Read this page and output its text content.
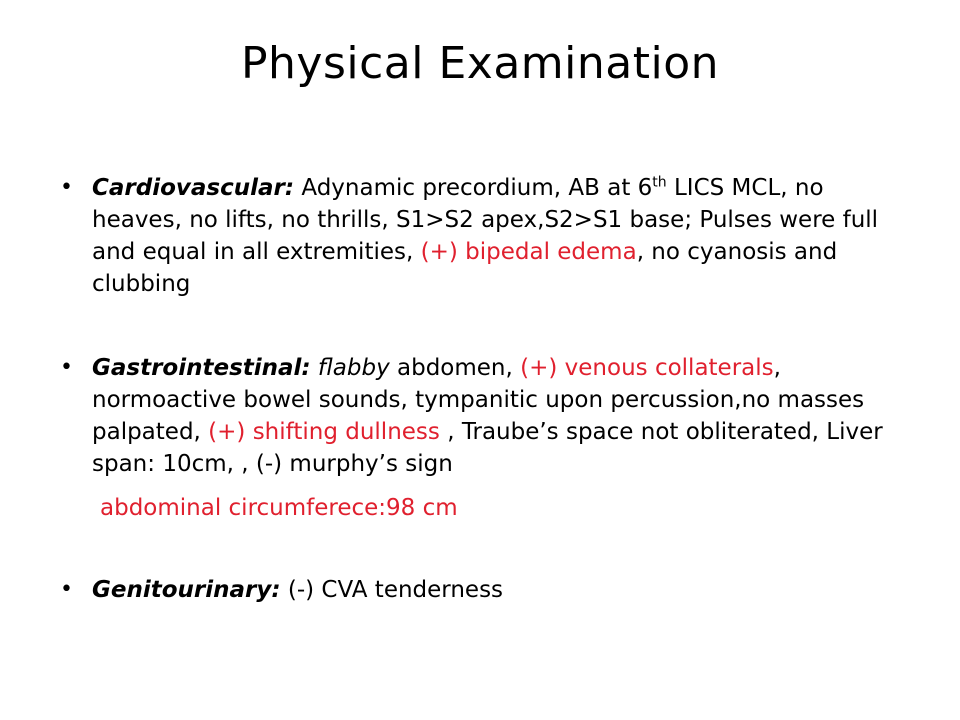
Physical Examination
• Cardiovascular: Adynamic precordium, AB at 6th LICS MCL, no heaves, no lifts, no thrills, S1>S2 apex,S2>S1 base; Pulses were full and equal in all extremities, (+) bipedal edema, no cyanosis and clubbing
• Gastrointestinal: flabby abdomen, (+) venous collaterals, normoactive bowel sounds, tympanitic upon percussion,no masses palpated, (+) shifting dullness , Traube’s space not obliterated, Liver span: 10cm, , (-) murphy’s sign
• Genitourinary: (-) CVA tenderness
abdominal circumferece:98 cm
